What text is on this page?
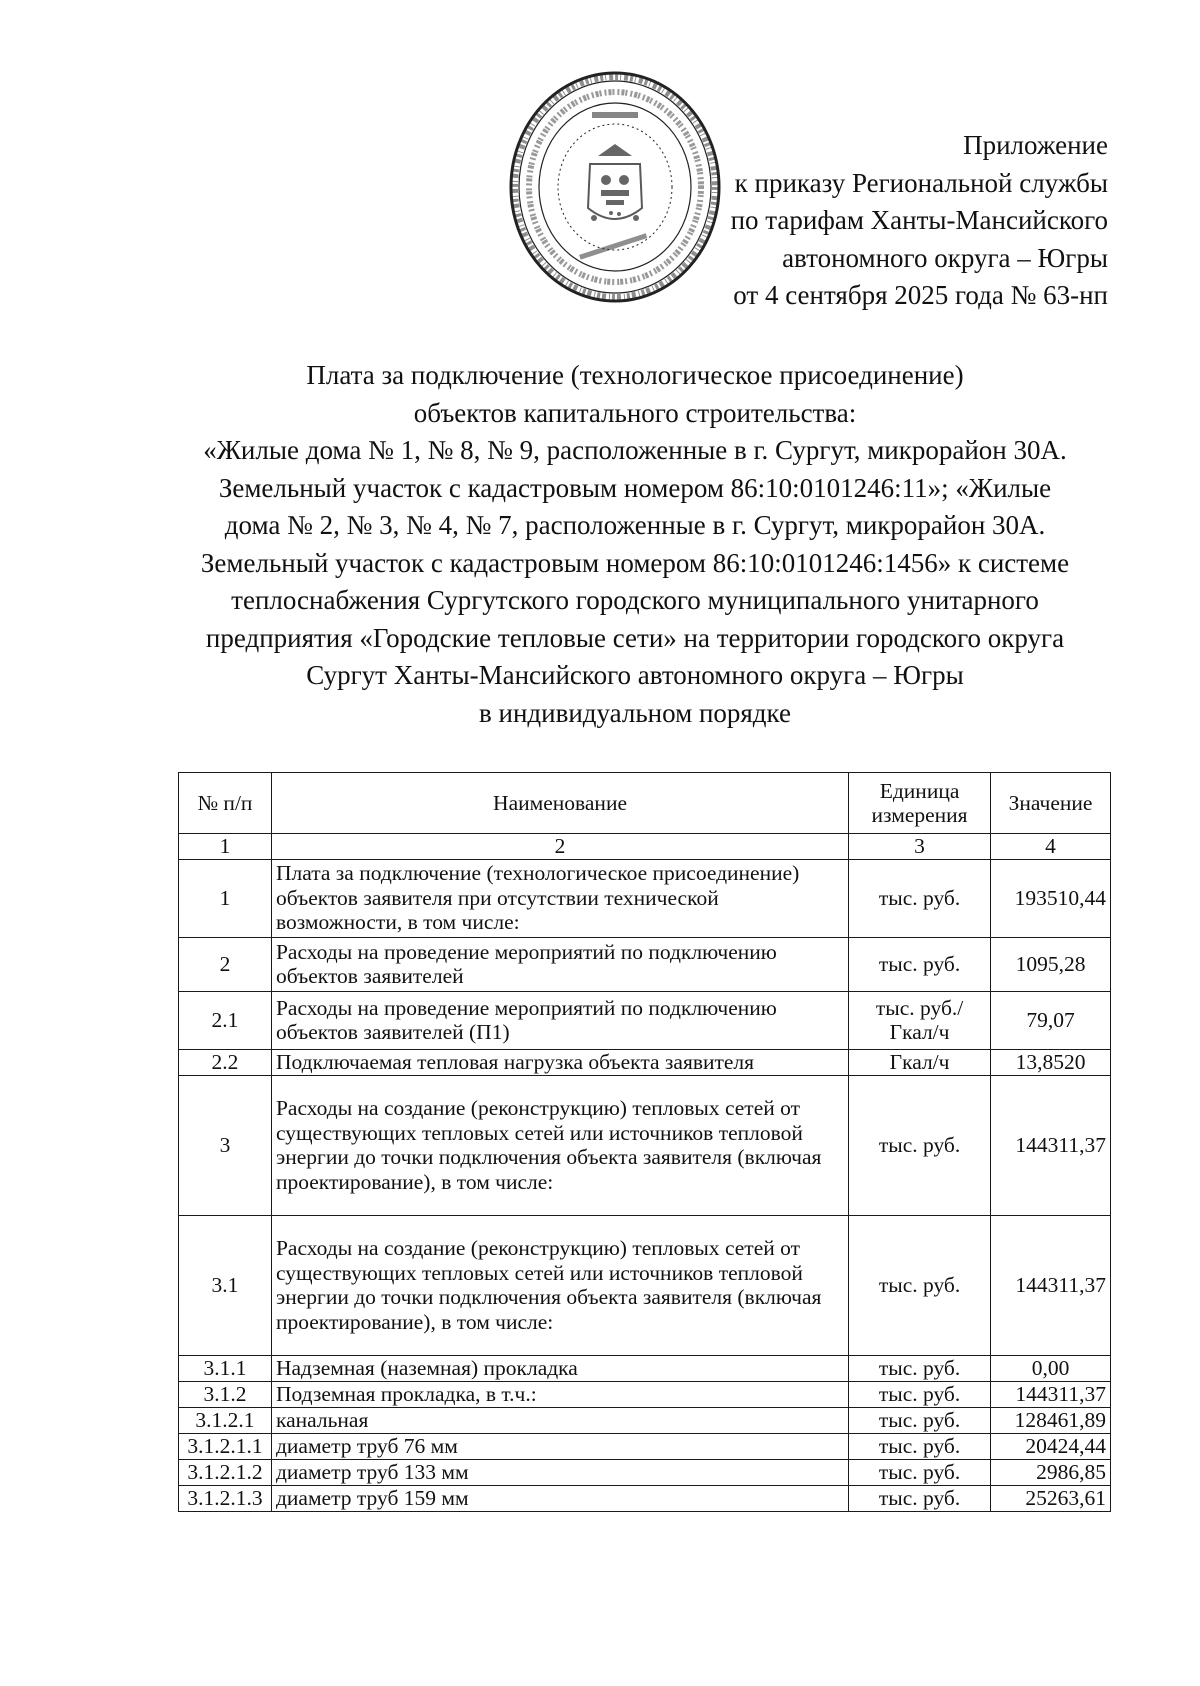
Приложение
к приказу Региональной службы
по тарифам Ханты-Мансийского
автономного округа – Югры
от 4 сентября 2025 года № 63-нп
Плата за подключение (технологическое присоединение)
объектов капитального строительства:
«Жилые дома № 1, № 8, № 9, расположенные в г. Сургут, микрорайон 30А.
Земельный участок с кадастровым номером 86:10:0101246:11»; «Жилые
дома № 2, № 3, № 4, № 7, расположенные в г. Сургут, микрорайон 30А.
Земельный участок с кадастровым номером 86:10:0101246:1456» к системе
теплоснабжения Сургутского городского муниципального унитарного
предприятия «Городские тепловые сети» на территории городского округа
Сургут Ханты-Мансийского автономного округа – Югры
в индивидуальном порядке
№ п/п	Наименование	Единица измерения	Значение
1	2	3	4
1	Плата за подключение (технологическое присоединение) объектов заявителя при отсутствии технической возможности, в том числе:	тыс. руб.	193510,44
2	Расходы на проведение мероприятий по подключению объектов заявителей	тыс. руб.	1095,28
2.1	Расходы на проведение мероприятий по подключению объектов заявителей (П1)	тыс. руб./Гкал/ч	79,07
2.2	Подключаемая тепловая нагрузка объекта заявителя	Гкал/ч	13,8520
3	Расходы на создание (реконструкцию) тепловых сетей от существующих тепловых сетей или источников тепловой энергии до точки подключения объекта заявителя (включая проектирование), в том числе:	тыс. руб.	144311,37
3.1	Расходы на создание (реконструкцию) тепловых сетей от существующих тепловых сетей или источников тепловой энергии до точки подключения объекта заявителя (включая проектирование), в том числе:	тыс. руб.	144311,37
3.1.1	Надземная (наземная) прокладка	тыс. руб.	0,00
3.1.2	Подземная прокладка, в т.ч.:	тыс. руб.	144311,37
3.1.2.1	канальная	тыс. руб.	128461,89
3.1.2.1.1	диаметр труб 76 мм	тыс. руб.	20424,44
3.1.2.1.2	диаметр труб 133 мм	тыс. руб.	2986,85
3.1.2.1.3	диаметр труб 159 мм	тыс. руб.	25263,61
